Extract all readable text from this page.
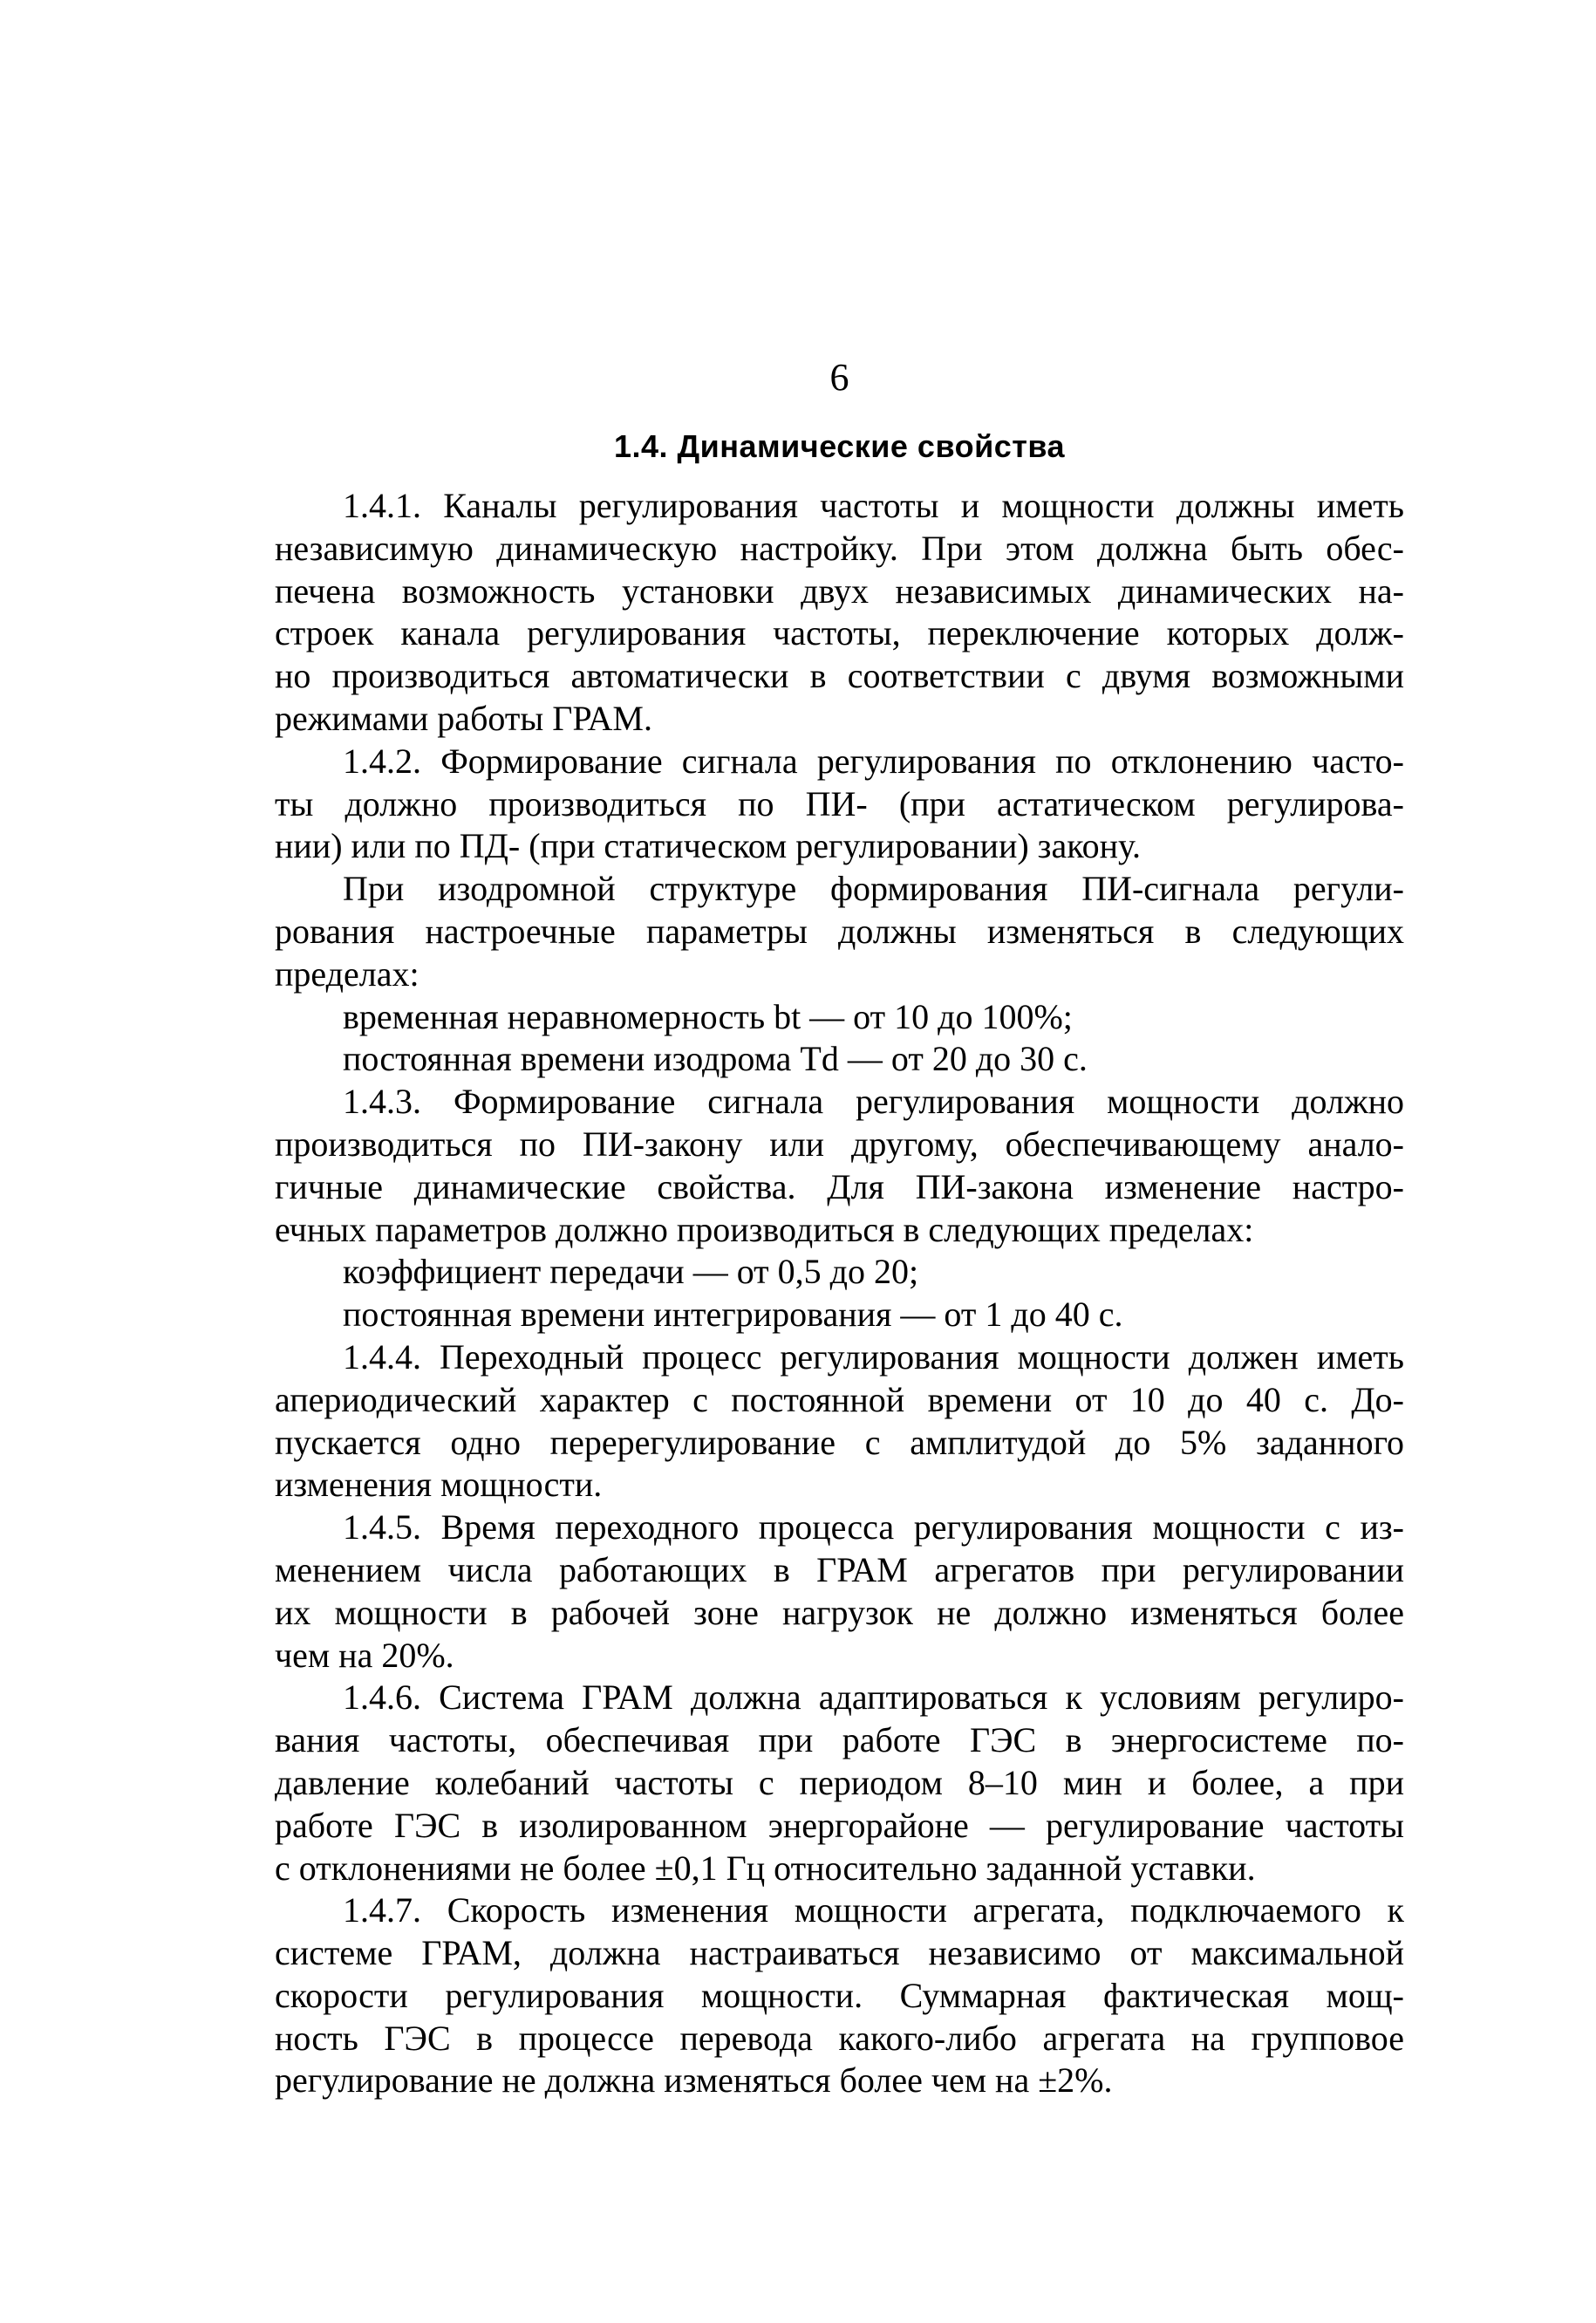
6
1.4. Динамические свойства
1.4.1. Каналы регулирования частоты и мощности должны иметь
независимую динамическую настройку. При этом должна быть обес-
печена возможность установки двух независимых динамических на-
строек канала регулирования частоты, переключение которых долж-
но производиться автоматически в соответствии с двумя возможными
режимами работы ГРАМ.
1.4.2. Формирование сигнала регулирования по отклонению часто-
ты должно производиться по ПИ- (при астатическом регулирова-
нии) или по ПД- (при статическом регулировании) закону.
При изодромной структуре формирования ПИ-сигнала регули-
рования настроечные параметры должны изменяться в следующих
пределах:
временная неравномерность bt — от 10 до 100%;
постоянная времени изодрома Td — от 20 до 30 с.
1.4.3. Формирование сигнала регулирования мощности должно
производиться по ПИ-закону или другому, обеспечивающему анало-
гичные динамические свойства. Для ПИ-закона изменение настро-
ечных параметров должно производиться в следующих пределах:
коэффициент передачи — от 0,5 до 20;
постоянная времени интегрирования — от 1 до 40 с.
1.4.4. Переходный процесс регулирования мощности должен иметь
апериодический характер с постоянной времени от 10 до 40 с. До-
пускается одно перерегулирование с амплитудой до 5% заданного
изменения мощности.
1.4.5. Время переходного процесса регулирования мощности с из-
менением числа работающих в ГРАМ агрегатов при регулировании
их мощности в рабочей зоне нагрузок не должно изменяться более
чем на 20%.
1.4.6. Система ГРАМ должна адаптироваться к условиям регулиро-
вания частоты, обеспечивая при работе ГЭС в энергосистеме по-
давление колебаний частоты с периодом 8–10 мин и более, а при
работе ГЭС в изолированном энергорайоне — регулирование частоты
с отклонениями не более ±0,1 Гц относительно заданной уставки.
1.4.7. Скорость изменения мощности агрегата, подключаемого к
системе ГРАМ, должна настраиваться независимо от максимальной
скорости регулирования мощности. Суммарная фактическая мощ-
ность ГЭС в процессе перевода какого-либо агрегата на групповое
регулирование не должна изменяться более чем на ±2%.
